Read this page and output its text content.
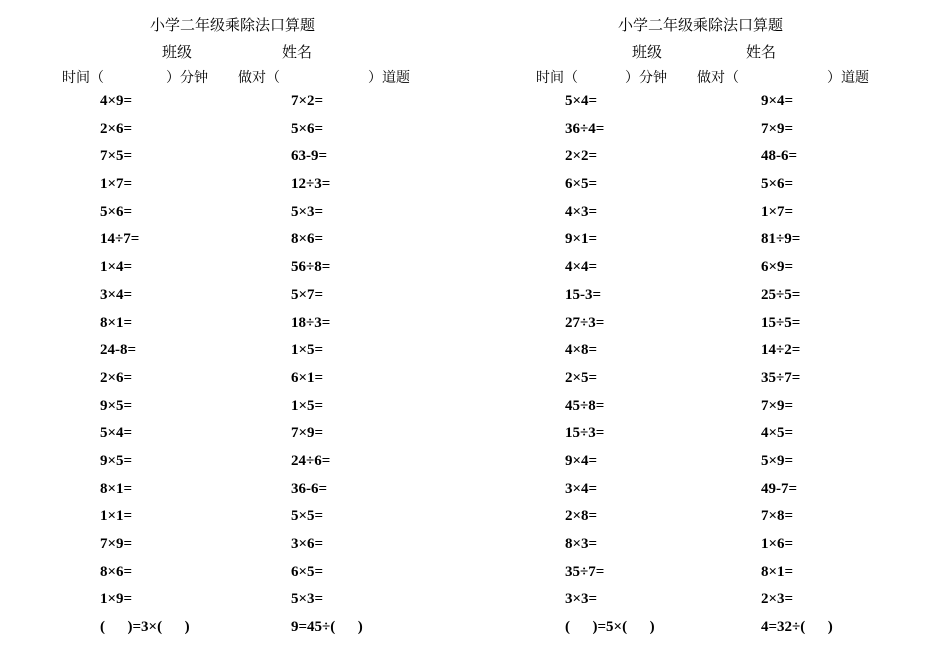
小学二年级乘除法口算题
班级	姓名
时间（	）分钟 做对（	）道题
4×9=
2×6=
7×5=
1×7=
5×6=
14÷7=
1×4=
3×4=
8×1=
24-8=
2×6=
9×5=
5×4=
9×5=
8×1=
1×1=
7×9=
8×6=
1×9=
(      )=3×(      )
7×2=
5×6=
63-9=
12÷3=
5×3=
8×6=
56÷8=
5×7=
18÷3=
1×5=
6×1=
1×5=
7×9=
24÷6=
36-6=
5×5=
3×6=
6×5=
5×3=
9=45÷(      )
小学二年级乘除法口算题
班级	姓名
时间（	）分钟 做对（	）道题
5×4=
36÷4=
2×2=
6×5=
4×3=
9×1=
4×4=
15-3=
27÷3=
4×8=
2×5=
45÷8=
15÷3=
9×4=
3×4=
2×8=
8×3=
35÷7=
3×3=
(      )=5×(      )
9×4=
7×9=
48-6=
5×6=
1×7=
81÷9=
6×9=
25÷5=
15÷5=
14÷2=
35÷7=
7×9=
4×5=
5×9=
49-7=
7×8=
1×6=
8×1=
2×3=
4=32÷(      )
